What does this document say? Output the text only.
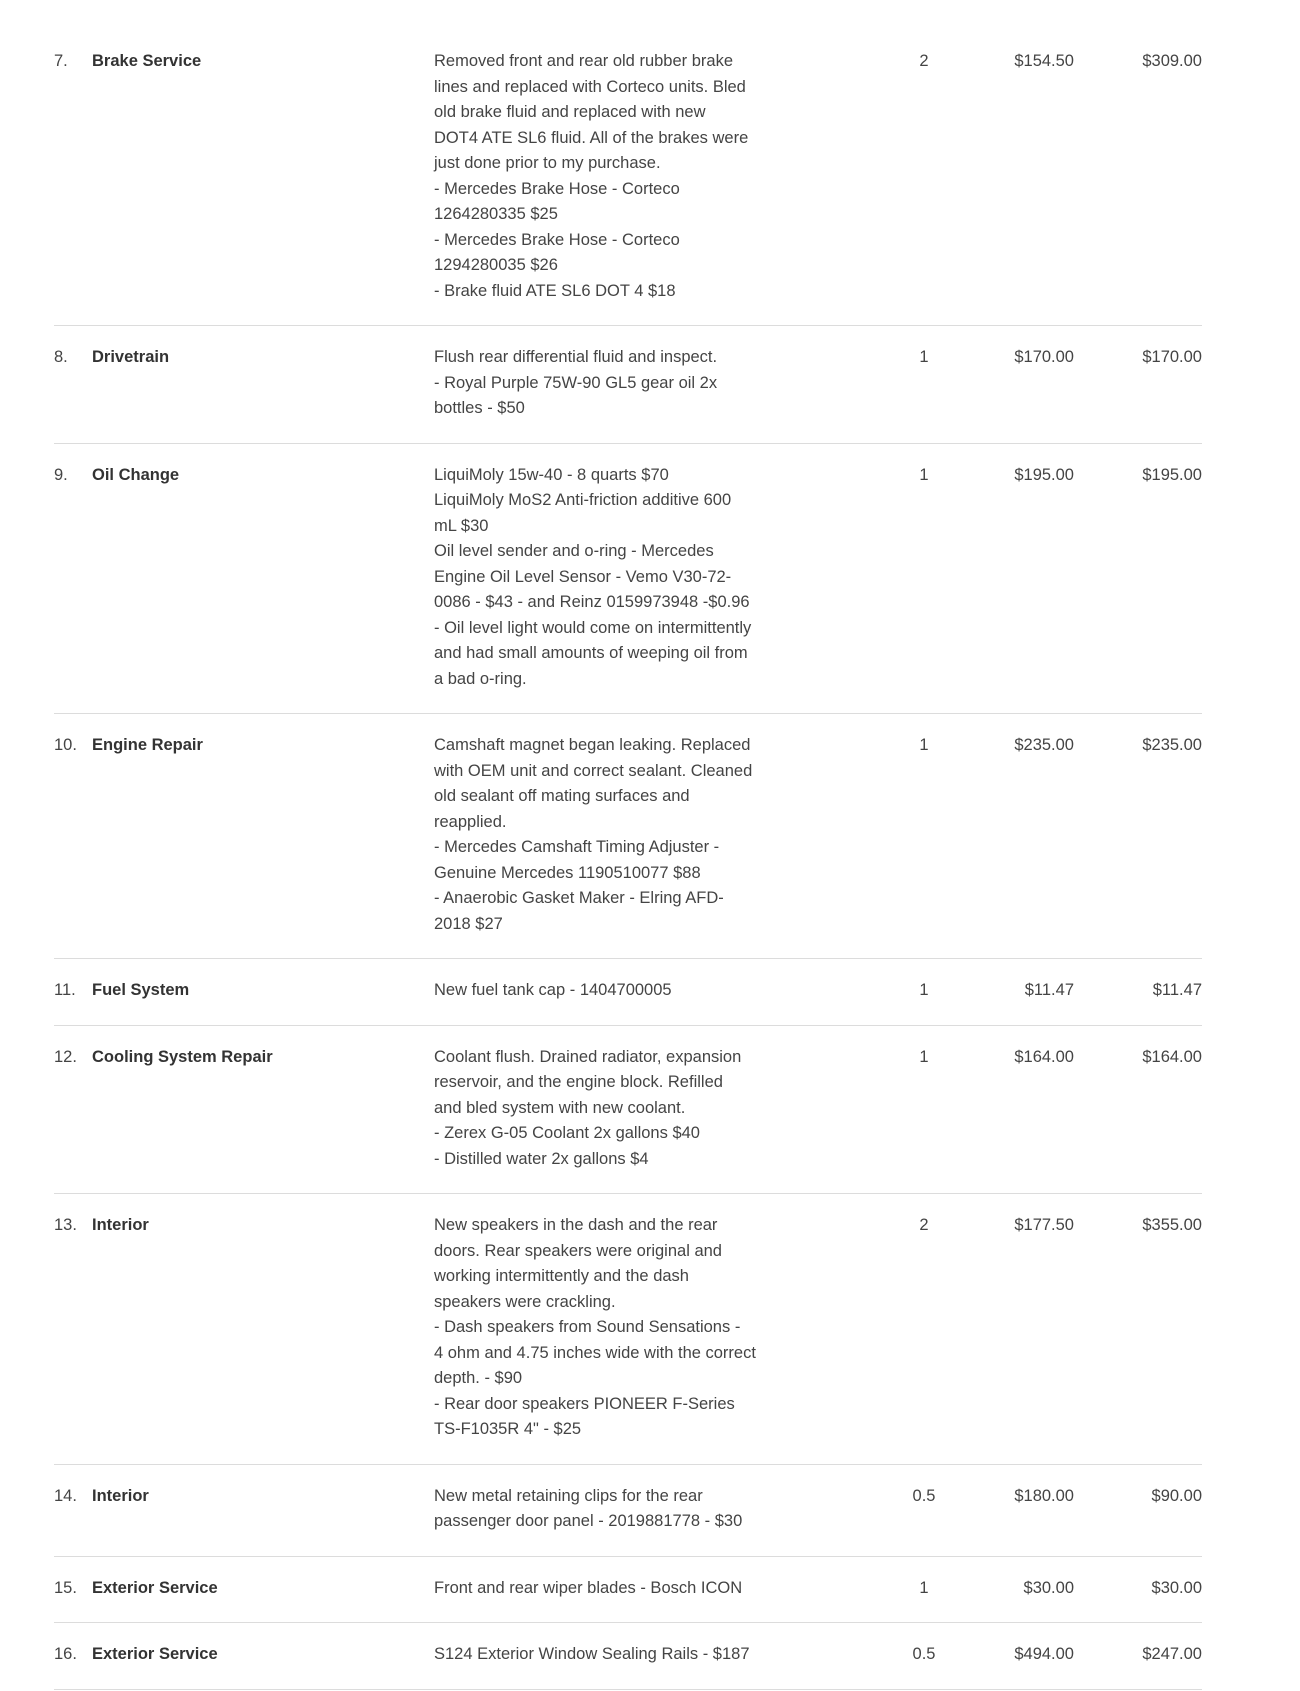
7.	Brake Service	Removed front and rear old rubber brake
lines and replaced with Corteco units. Bled
old brake fluid and replaced with new
DOT4 ATE SL6 fluid. All of the brakes were
just done prior to my purchase.
- Mercedes Brake Hose - Corteco
1264280335 $25
- Mercedes Brake Hose - Corteco
1294280035 $26
- Brake fluid ATE SL6 DOT 4 $18
2	$154.50	$309.00
8.	Drivetrain	Flush rear differential fluid and inspect.
- Royal Purple 75W-90 GL5 gear oil 2x
bottles - $50
1	$170.00	$170.00
9.	Oil Change	LiquiMoly 15w-40 - 8 quarts $70
LiquiMoly MoS2 Anti-friction additive 600
mL $30
Oil level sender and o-ring - Mercedes
Engine Oil Level Sensor - Vemo V30-72-
0086 - $43 - and Reinz 0159973948 -$0.96
- Oil level light would come on intermittently
and had small amounts of weeping oil from
a bad o-ring.
1	$195.00	$195.00
10. Engine Repair	Camshaft magnet began leaking. Replaced
with OEM unit and correct sealant. Cleaned
old sealant off mating surfaces and
reapplied.
- Mercedes Camshaft Timing Adjuster -
Genuine Mercedes 1190510077 $88
- Anaerobic Gasket Maker - Elring AFD-
2018 $27
1	$235.00	$235.00
11. Fuel System	New fuel tank cap - 1404700005	1	$11.47	$11.47
12. Cooling System Repair	Coolant flush. Drained radiator, expansion
reservoir, and the engine block. Refilled
and bled system with new coolant.
- Zerex G-05 Coolant 2x gallons $40
- Distilled water 2x gallons $4
1	$164.00	$164.00
13. Interior	New speakers in the dash and the rear
doors. Rear speakers were original and
working intermittently and the dash
speakers were crackling.
- Dash speakers from Sound Sensations -
4 ohm and 4.75 inches wide with the correct
depth. - $90
- Rear door speakers PIONEER F-Series
TS-F1035R 4" - $25
2	$177.50	$355.00
14. Interior	New metal retaining clips for the rear
passenger door panel - 2019881778 - $30
0.5	$180.00	$90.00
15. Exterior Service	Front and rear wiper blades - Bosch ICON	1	$30.00	$30.00
16. Exterior Service	S124 Exterior Window Sealing Rails - $187	0.5	$494.00	$247.00
